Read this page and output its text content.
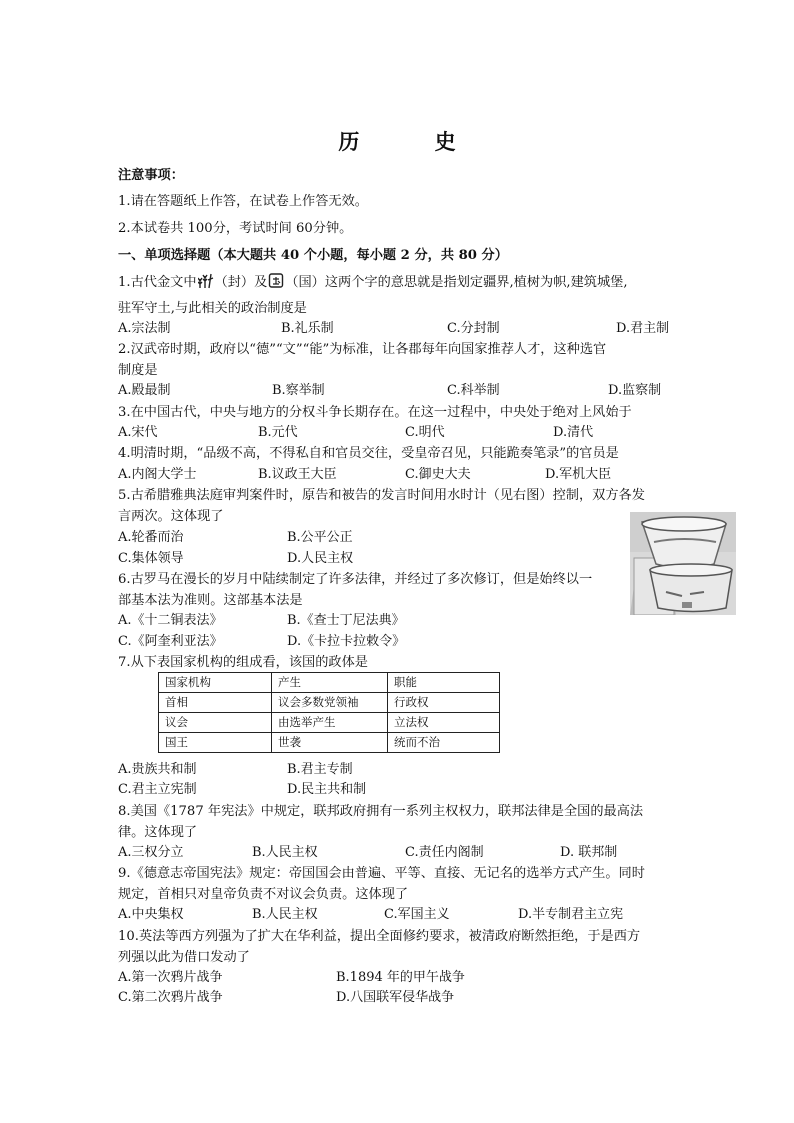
历 史
注意事项：
1.请在答题纸上作答，在试卷上作答无效。
2.本试卷共 100分，考试时间 60分钟。
一、单项选择题（本大题共 40 个小题，每小题 2 分，共 80 分）
1.古代金文中 （封）及 （国）这两个字的意思就是指划定疆界,植树为帜,建筑城堡,
驻军守土,与此相关的政治制度是
A.宗法制	B.礼乐制	C.分封制	D.君主制
2.汉武帝时期，政府以“德”“文”“能”为标准，让各郡每年向国家推荐人才，这种选官
制度是
A.殿最制	B.察举制	C.科举制	D.监察制
3.在中国古代，中央与地方的分权斗争长期存在。在这一过程中，中央处于绝对上风始于
A.宋代	B.元代	C.明代	D.清代
4.明清时期，“品级不高，不得私自和官员交往，受皇帝召见，只能跪奏笔录”的官员是
A.内阁大学士	B.议政王大臣	C.御史大夫	D.军机大臣
5.古希腊雅典法庭审判案件时，原告和被告的发言时间用水时计（见右图）控制，双方各发
言两次。这体现了
A.轮番而治	B.公平公正
C.集体领导	D.人民主权
6.古罗马在漫长的岁月中陆续制定了许多法律，并经过了多次修订，但是始终以一
部基本法为准则。这部基本法是
A.《十二铜表法》	B.《查士丁尼法典》
C.《阿奎利亚法》	D.《卡拉卡拉敕令》
7.从下表国家机构的组成看，该国的政体是
国家机构	产生	职能
首相	议会多数党领袖	行政权
议会	由选举产生	立法权
国王	世袭	统而不治
A.贵族共和制	B.君主专制
C.君主立宪制	D.民主共和制
8.美国《1787 年宪法》中规定，联邦政府拥有一系列主权权力，联邦法律是全国的最高法
律。这体现了
A.三权分立	B.人民主权	C.责任内阁制	D. 联邦制
9.《德意志帝国宪法》规定：帝国国会由普遍、平等、直接、无记名的选举方式产生。同时
规定，首相只对皇帝负责不对议会负责。这体现了
A.中央集权	B.人民主权	C.军国主义	D.半专制君主立宪
10.英法等西方列强为了扩大在华利益，提出全面修约要求，被清政府断然拒绝，于是西方
列强以此为借口发动了
A.第一次鸦片战争	B.1894 年的甲午战争
C.第二次鸦片战争	D.八国联军侵华战争
